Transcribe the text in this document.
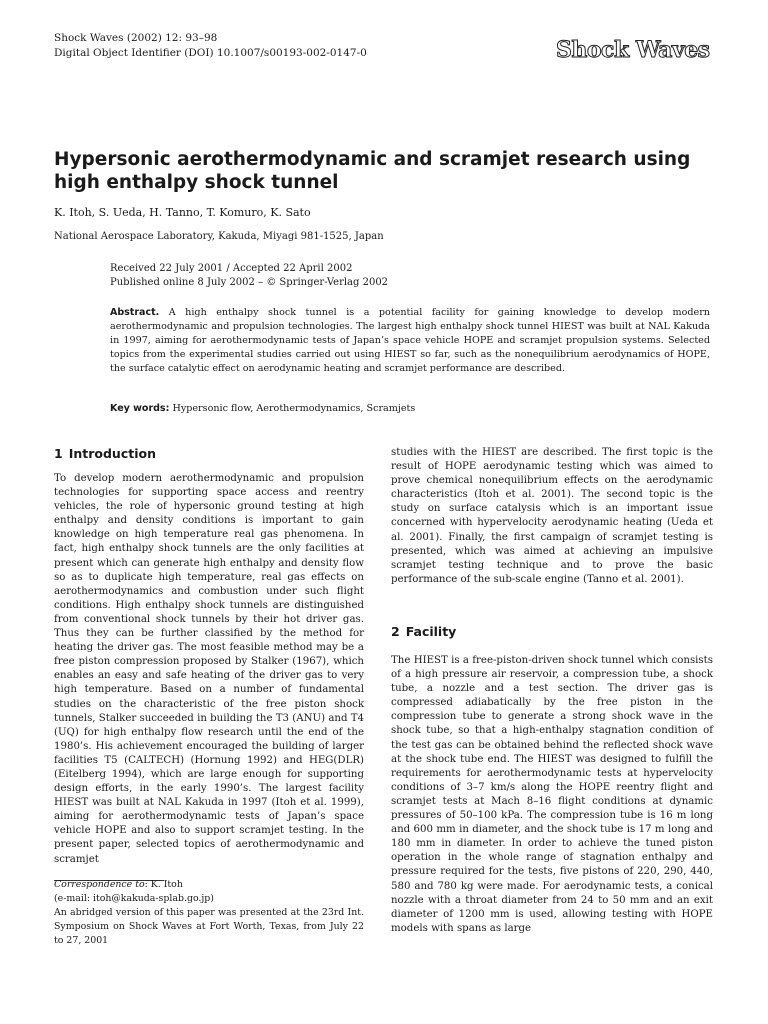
Shock Waves (2002) 12: 93–98
Digital Object Identifier (DOI) 10.1007/s00193-002-0147-0	Shock Waves
Hypersonic aerothermodynamic and scramjet research using high enthalpy shock tunnel
K. Itoh, S. Ueda, H. Tanno, T. Komuro, K. Sato
National Aerospace Laboratory, Kakuda, Miyagi 981-1525, Japan
Received 22 July 2001 / Accepted 22 April 2002
Published online 8 July 2002 – © Springer-Verlag 2002
Abstract. A high enthalpy shock tunnel is a potential facility for gaining knowledge to develop modern aerothermodynamic and propulsion technologies. The largest high enthalpy shock tunnel HIEST was built at NAL Kakuda in 1997, aiming for aerothermodynamic tests of Japan’s space vehicle HOPE and scramjet propulsion systems. Selected topics from the experimental studies carried out using HIEST so far, such as the nonequilibrium aerodynamics of HOPE, the surface catalytic effect on aerodynamic heating and scramjet performance are described.
Key words: Hypersonic flow, Aerothermodynamics, Scramjets
1 Introduction
To develop modern aerothermodynamic and propulsion technologies for supporting space access and reentry vehicles, the role of hypersonic ground testing at high enthalpy and density conditions is important to gain knowledge on high temperature real gas phenomena. In fact, high enthalpy shock tunnels are the only facilities at present which can generate high enthalpy and density flow so as to duplicate high temperature, real gas effects on aerothermodynamics and combustion under such flight conditions. High enthalpy shock tunnels are distinguished from conventional shock tunnels by their hot driver gas. Thus they can be further classified by the method for heating the driver gas. The most feasible method may be a free piston compression proposed by Stalker (1967), which enables an easy and safe heating of the driver gas to very high temperature. Based on a number of fundamental studies on the characteristic of the free piston shock tunnels, Stalker succeeded in building the T3 (ANU) and T4 (UQ) for high enthalpy flow research until the end of the 1980’s. His achievement encouraged the building of larger facilities T5 (CALTECH) (Hornung 1992) and HEG(DLR) (Eitelberg 1994), which are large enough for supporting design efforts, in the early 1990’s. The largest facility HIEST was built at NAL Kakuda in 1997 (Itoh et al. 1999), aiming for aerothermodynamic tests of Japan’s space vehicle HOPE and also to support scramjet testing. In the present paper, selected topics of aerothermodynamic and scramjet
studies with the HIEST are described. The first topic is the result of HOPE aerodynamic testing which was aimed to prove chemical nonequilibrium effects on the aerodynamic characteristics (Itoh et al. 2001). The second topic is the study on surface catalysis which is an important issue concerned with hypervelocity aerodynamic heating (Ueda et al. 2001). Finally, the first campaign of scramjet testing is presented, which was aimed at achieving an impulsive scramjet testing technique and to prove the basic performance of the sub-scale engine (Tanno et al. 2001).
2 Facility
The HIEST is a free-piston-driven shock tunnel which consists of a high pressure air reservoir, a compression tube, a shock tube, a nozzle and a test section. The driver gas is compressed adiabatically by the free piston in the compression tube to generate a strong shock wave in the shock tube, so that a high-enthalpy stagnation condition of the test gas can be obtained behind the reflected shock wave at the shock tube end. The HIEST was designed to fulfill the requirements for aerothermodynamic tests at hypervelocity conditions of 3–7 km/s along the HOPE reentry flight and scramjet tests at Mach 8–16 flight conditions at dynamic pressures of 50–100 kPa. The compression tube is 16 m long and 600 mm in diameter, and the shock tube is 17 m long and 180 mm in diameter. In order to achieve the tuned piston operation in the whole range of stagnation enthalpy and pressure required for the tests, five pistons of 220, 290, 440, 580 and 780 kg were made. For aerodynamic tests, a conical nozzle with a throat diameter from 24 to 50 mm and an exit diameter of 1200 mm is used, allowing testing with HOPE models with spans as large
Correspondence to: K. Itoh
(e-mail: itoh@kakuda-splab.go.jp)
An abridged version of this paper was presented at the 23rd Int. Symposium on Shock Waves at Fort Worth, Texas, from July 22 to 27, 2001
